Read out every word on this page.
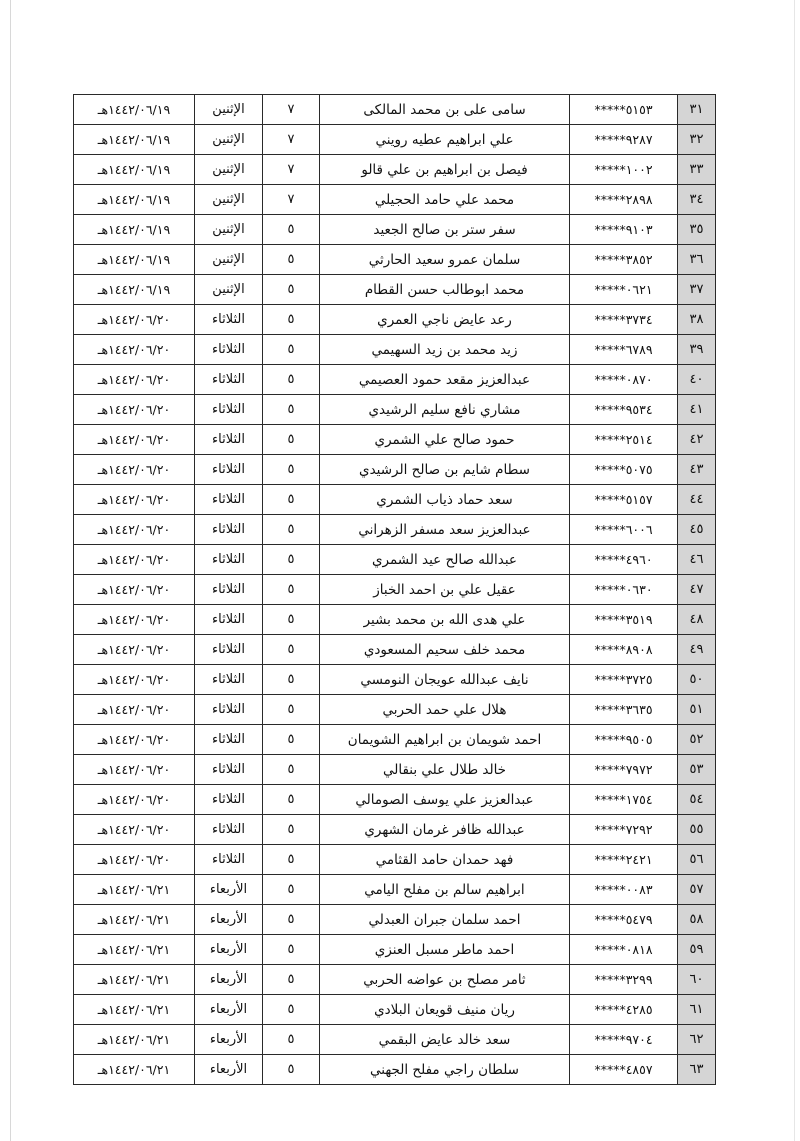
٣١	*****٥١٥٣	سامى على بن محمد المالكى	٧	الإثنين	١٤٤٢/٠٦/١٩هـ
٣٢	*****٩٢٨٧	علي ابراهيم عطيه رويني	٧	الإثنين	١٤٤٢/٠٦/١٩هـ
٣٣	*****١٠٠٢	فيصل بن ابراهيم بن علي قالو	٧	الإثنين	١٤٤٢/٠٦/١٩هـ
٣٤	*****٢٨٩٨	محمد علي حامد الحجيلي	٧	الإثنين	١٤٤٢/٠٦/١٩هـ
٣٥	*****٩١٠٣	سفر ستر بن صالح الجعيد	٥	الإثنين	١٤٤٢/٠٦/١٩هـ
٣٦	*****٣٨٥٢	سلمان عمرو سعيد الحارثي	٥	الإثنين	١٤٤٢/٠٦/١٩هـ
٣٧	*****٠٦٢١	محمد ابوطالب حسن القطام	٥	الإثنين	١٤٤٢/٠٦/١٩هـ
٣٨	*****٣٧٣٤	رعد عايض ناجي العمري	٥	الثلاثاء	١٤٤٢/٠٦/٢٠هـ
٣٩	*****٦٧٨٩	زيد محمد بن زيد السهيمي	٥	الثلاثاء	١٤٤٢/٠٦/٢٠هـ
٤٠	*****٠٨٧٠	عبدالعزيز مقعد حمود العصيمي	٥	الثلاثاء	١٤٤٢/٠٦/٢٠هـ
٤١	*****٩٥٣٤	مشاري نافع سليم الرشيدي	٥	الثلاثاء	١٤٤٢/٠٦/٢٠هـ
٤٢	*****٢٥١٤	حمود صالح علي الشمري	٥	الثلاثاء	١٤٤٢/٠٦/٢٠هـ
٤٣	*****٥٠٧٥	سطام شايم بن صالح الرشيدي	٥	الثلاثاء	١٤٤٢/٠٦/٢٠هـ
٤٤	*****٥١٥٧	سعد حماد ذياب الشمري	٥	الثلاثاء	١٤٤٢/٠٦/٢٠هـ
٤٥	*****٦٠٠٦	عبدالعزيز سعد مسفر الزهراني	٥	الثلاثاء	١٤٤٢/٠٦/٢٠هـ
٤٦	*****٤٩٦٠	عبدالله صالح عيد الشمري	٥	الثلاثاء	١٤٤٢/٠٦/٢٠هـ
٤٧	*****٠٦٣٠	عقيل علي بن احمد الخباز	٥	الثلاثاء	١٤٤٢/٠٦/٢٠هـ
٤٨	*****٣٥١٩	علي هدى الله بن محمد بشير	٥	الثلاثاء	١٤٤٢/٠٦/٢٠هـ
٤٩	*****٨٩٠٨	محمد خلف سحيم المسعودي	٥	الثلاثاء	١٤٤٢/٠٦/٢٠هـ
٥٠	*****٣٧٢٥	نايف عبدالله عويجان النومسي	٥	الثلاثاء	١٤٤٢/٠٦/٢٠هـ
٥١	*****٣٦٣٥	هلال علي حمد الحربي	٥	الثلاثاء	١٤٤٢/٠٦/٢٠هـ
٥٢	*****٩٥٠٥	احمد شويمان بن ابراهيم الشويمان	٥	الثلاثاء	١٤٤٢/٠٦/٢٠هـ
٥٣	*****٧٩٧٢	خالد طلال علي بنقالي	٥	الثلاثاء	١٤٤٢/٠٦/٢٠هـ
٥٤	*****١٧٥٤	عبدالعزيز علي يوسف الصومالي	٥	الثلاثاء	١٤٤٢/٠٦/٢٠هـ
٥٥	*****٧٢٩٢	عبدالله ظافر غرمان الشهري	٥	الثلاثاء	١٤٤٢/٠٦/٢٠هـ
٥٦	*****٢٤٢١	فهد حمدان حامد القثامي	٥	الثلاثاء	١٤٤٢/٠٦/٢٠هـ
٥٧	*****٠٠٨٣	ابراهيم سالم بن مفلح اليامي	٥	الأربعاء	١٤٤٢/٠٦/٢١هـ
٥٨	*****٥٤٧٩	احمد سلمان جبران العبدلي	٥	الأربعاء	١٤٤٢/٠٦/٢١هـ
٥٩	*****٠٨١٨	احمد ماطر مسبل العنزي	٥	الأربعاء	١٤٤٢/٠٦/٢١هـ
٦٠	*****٣٢٩٩	ثامر مصلح بن عواضه الحربي	٥	الأربعاء	١٤٤٢/٠٦/٢١هـ
٦١	*****٤٢٨٥	ريان منيف قويعان البلادي	٥	الأربعاء	١٤٤٢/٠٦/٢١هـ
٦٢	*****٩٧٠٤	سعد خالد عايض البقمي	٥	الأربعاء	١٤٤٢/٠٦/٢١هـ
٦٣	*****٤٨٥٧	سلطان راجي مفلح الجهني	٥	الأربعاء	١٤٤٢/٠٦/٢١هـ
